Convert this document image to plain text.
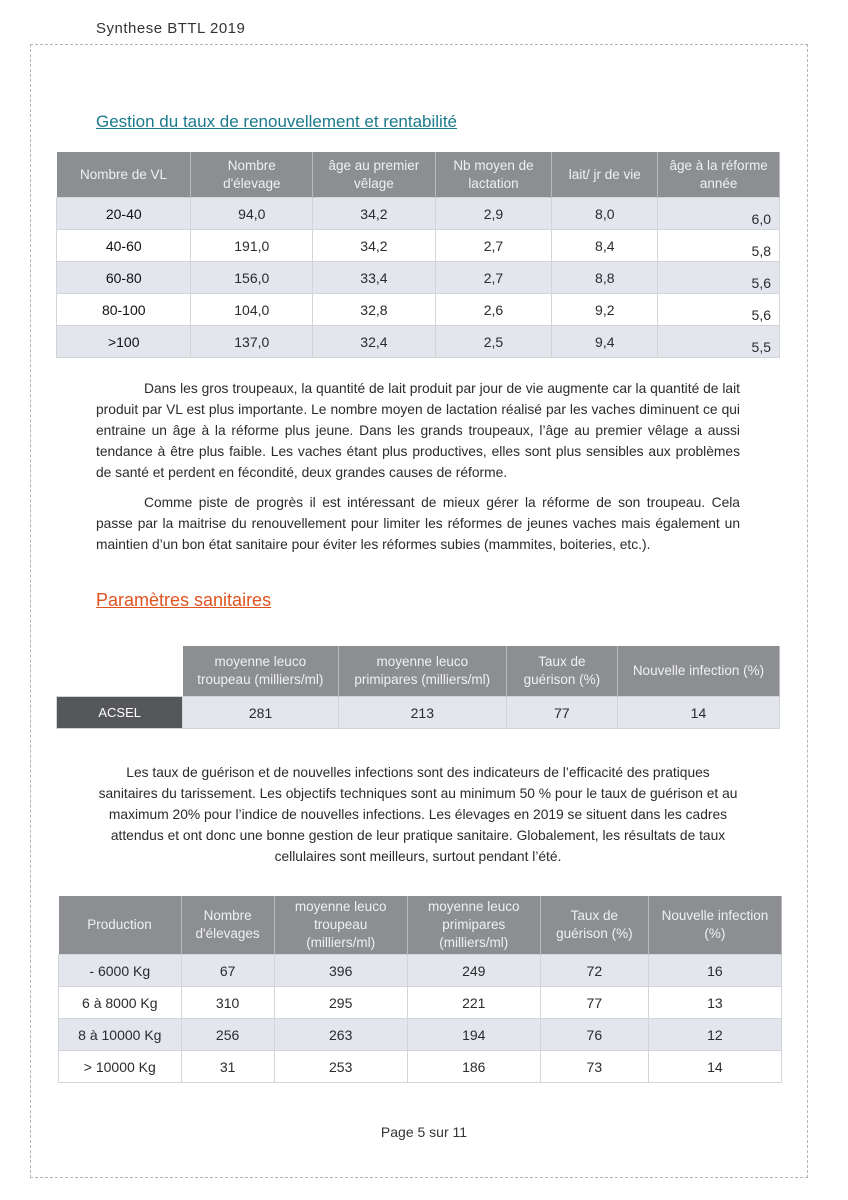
Synthese BTTL 2019
Gestion du taux de renouvellement et rentabilité
Nombre de VL	Nombre d'élevage	âge au premier vêlage	Nb moyen de lactation	lait/ jr de vie	âge à la réforme année
20-40	94,0	34,2	2,9	8,0	6,0
40-60	191,0	34,2	2,7	8,4	5,8
60-80	156,0	33,4	2,7	8,8	5,6
80-100	104,0	32,8	2,6	9,2	5,6
>100	137,0	32,4	2,5	9,4	5,5

Dans les gros troupeaux, la quantité de lait produit par jour de vie augmente car la quantité de lait produit par VL est plus importante. Le nombre moyen de lactation réalisé par les vaches diminuent ce qui entraine un âge à la réforme plus jeune. Dans les grands troupeaux, l’âge au premier vêlage a aussi tendance à être plus faible. Les vaches étant plus productives, elles sont plus sensibles aux problèmes de santé et perdent en fécondité, deux grandes causes de réforme.

Comme piste de progrès il est intéressant de mieux gérer la réforme de son troupeau. Cela passe par la maitrise du renouvellement pour limiter les réformes de jeunes vaches mais également un maintien d’un bon état sanitaire pour éviter les réformes subies (mammites, boiteries, etc.).

Paramètres sanitaires
	moyenne leuco troupeau (milliers/ml)	moyenne leuco primipares (milliers/ml)	Taux de guérison (%)	Nouvelle infection (%)
ACSEL	281	213	77	14

Les taux de guérison et de nouvelles infections sont des indicateurs de l’efficacité des pratiques sanitaires du tarissement. Les objectifs techniques sont au minimum 50 % pour le taux de guérison et au maximum 20% pour l’indice de nouvelles infections. Les élevages en 2019 se situent dans les cadres attendus et ont donc une bonne gestion de leur pratique sanitaire. Globalement, les résultats de taux cellulaires sont meilleurs, surtout pendant l’été.

Production	Nombre d'élevages	moyenne leuco troupeau (milliers/ml)	moyenne leuco primipares (milliers/ml)	Taux de guérison (%)	Nouvelle infection (%)
- 6000 Kg	67	396	249	72	16
6 à 8000 Kg	310	295	221	77	13
8 à 10000 Kg	256	263	194	76	12
> 10000 Kg	31	253	186	73	14
Page 5 sur 11
